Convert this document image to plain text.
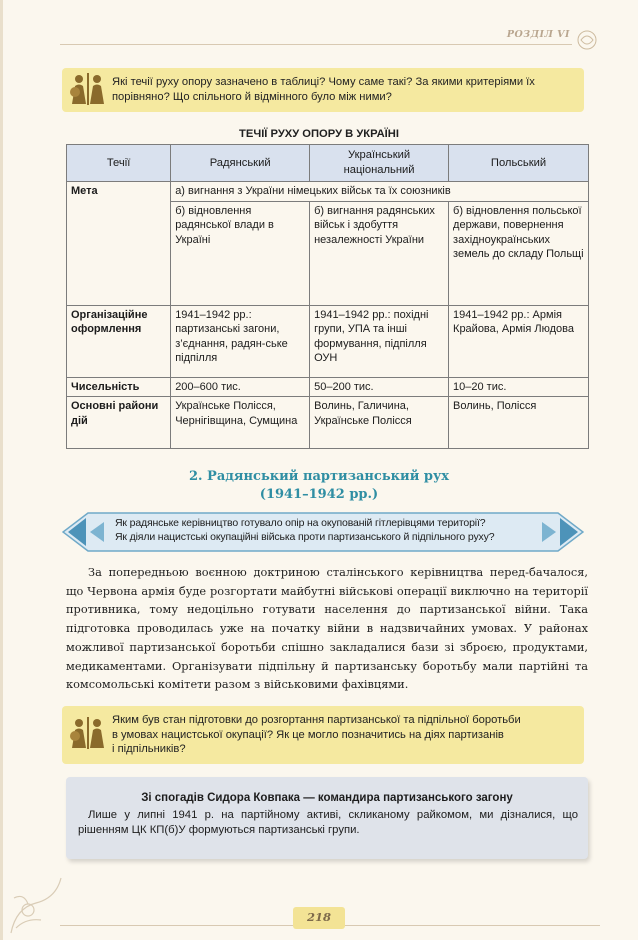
РОЗДІЛ VI
Які течії руху опору зазначено в таблиці? Чому саме такі? За якими критеріями їх
порівняно? Що спільного й відмінного було між ними?
ТЕЧІЇ РУХУ ОПОРУ В УКРАЇНІ
Течії	Радянський	Український національний	Польський
Мета	а) вигнання з України німецьких військ та їх союзників		
	б) відновлення радянської влади в Україні	б) вигнання радянських військ і здобуття незалежності України	б) відновлення польської держави, повернення західноукраїнських земель до складу Польщі
Організаційне оформлення	1941–1942 рр.: партизанські загони, з’єднання, радян-ське підпілля	1941–1942 рр.: похідні групи, УПА та інші формування, підпілля ОУН	1941–1942 рр.: Армія Крайова, Армія Людова
Чисельність	200–600 тис.	50–200 тис.	10–20 тис.
Основні райони дій	Українське Полісся, Чернігівщина, Сумщина	Волинь, Галичина, Українське Полісся	Волинь, Полісся
2. Радянський партизанський рух
(1941–1942 рр.)
Як радянське керівництво готувало опір на окупованій гітлерівцями території?
Як діяли нацистські окупаційні війська проти партизанського й підпільного руху?
За попередньою воєнною доктриною сталінського керівництва перед-бачалося, що Червона армія буде розгортати майбутні військові операції виключно на території противника, тому недоцільно готувати населення до партизанської війни. Така підготовка проводилась уже на початку війни в надзвичайних умовах. У районах можливої партизанської боротьби спішно закладалися бази зі зброєю, продуктами, медикаментами. Організувати підпільну й партизанську боротьбу мали партійні та комсомольські комітети разом з військовими фахівцями.
Яким був стан підготовки до розгортання партизанської та підпільної боротьби
в умовах нацистської окупації? Як це могло позначитись на діях партизанів
і підпільників?
Зі спогадів Сидора Ковпака — командира партизанського загону
Лише у липні 1941 р. на партійному активі, скликаному райкомом, ми дізналися, що рішенням ЦК КП(б)У формуються партизанські групи.
218
